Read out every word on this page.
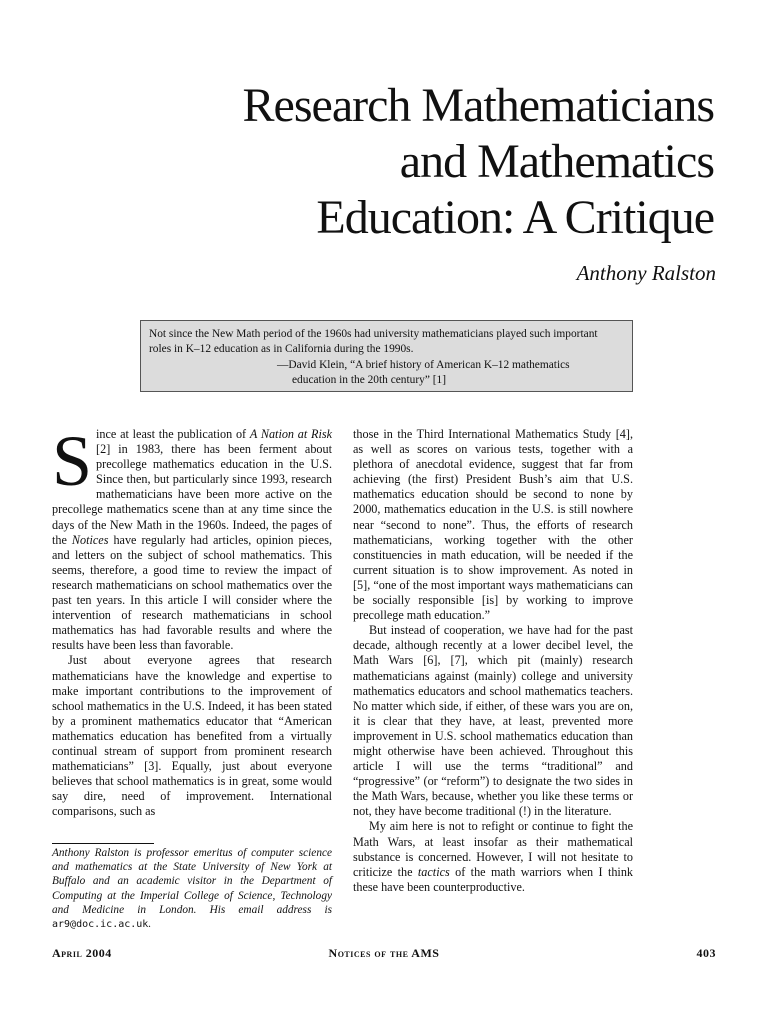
Research Mathematicians
and Mathematics
Education: A Critique
Anthony Ralston

Not since the New Math period of the 1960s had university mathematicians played such important

roles in K–12 education as in California during the 1990s.

—David Klein, “A brief history of American K–12 mathematics

education in the 20th century” [1]

Since at least the publication of A Nation at Risk [2] in 1983, there has been ferment about precollege mathematics education in the U.S. Since then, but particularly since 1993, research mathematicians have been more active on the precollege mathematics scene than at any time since the days of the New Math in the 1960s. Indeed, the pages of the Notices have regularly had articles, opinion pieces, and letters on the subject of school mathematics. This seems, therefore, a good time to review the impact of research mathematicians on school mathematics over the past ten years. In this article I will consider where the intervention of research mathematicians in school mathematics has had favorable results and where the results have been less than favorable.

Just about everyone agrees that research mathematicians have the knowledge and expertise to make important contributions to the improvement of school mathematics in the U.S. Indeed, it has been stated by a prominent mathematics educator that “American mathematics education has benefited from a virtually continual stream of support from prominent research mathematicians” [3]. Equally, just about everyone believes that school mathematics is in great, some would say dire, need of improvement. International comparisons, such as

those in the Third International Mathematics Study [4], as well as scores on various tests, together with a plethora of anecdotal evidence, suggest that far from achieving (the first) President Bush’s aim that U.S. mathematics education should be second to none by 2000, mathematics education in the U.S. is still nowhere near “second to none”. Thus, the efforts of research mathematicians, working together with the other constituencies in math education, will be needed if the current situation is to show improvement. As noted in [5], “one of the most important ways mathematicians can be socially responsible [is] by working to improve precollege math education.”

But instead of cooperation, we have had for the past decade, although recently at a lower decibel level, the Math Wars [6], [7], which pit (mainly) research mathematicians against (mainly) college and university mathematics educators and school mathematics teachers. No matter which side, if either, of these wars you are on, it is clear that they have, at least, prevented more improvement in U.S. school mathematics education than might otherwise have been achieved. Throughout this article I will use the terms “traditional” and “progressive” (or “reform”) to designate the two sides in the Math Wars, because, whether you like these terms or not, they have become traditional (!) in the literature.

My aim here is not to refight or continue to fight the Math Wars, at least insofar as their mathematical substance is concerned. However, I will not hesitate to criticize the tactics of the math warriors when I think these have been counterproductive.

Anthony Ralston is professor emeritus of computer science and mathematics at the State University of New York at Buffalo and an academic visitor in the Department of Computing at the Imperial College of Science, Technology and Medicine in London. His email address is ar9@doc.ic.ac.uk.
April 2004	Notices of the AMS	403
